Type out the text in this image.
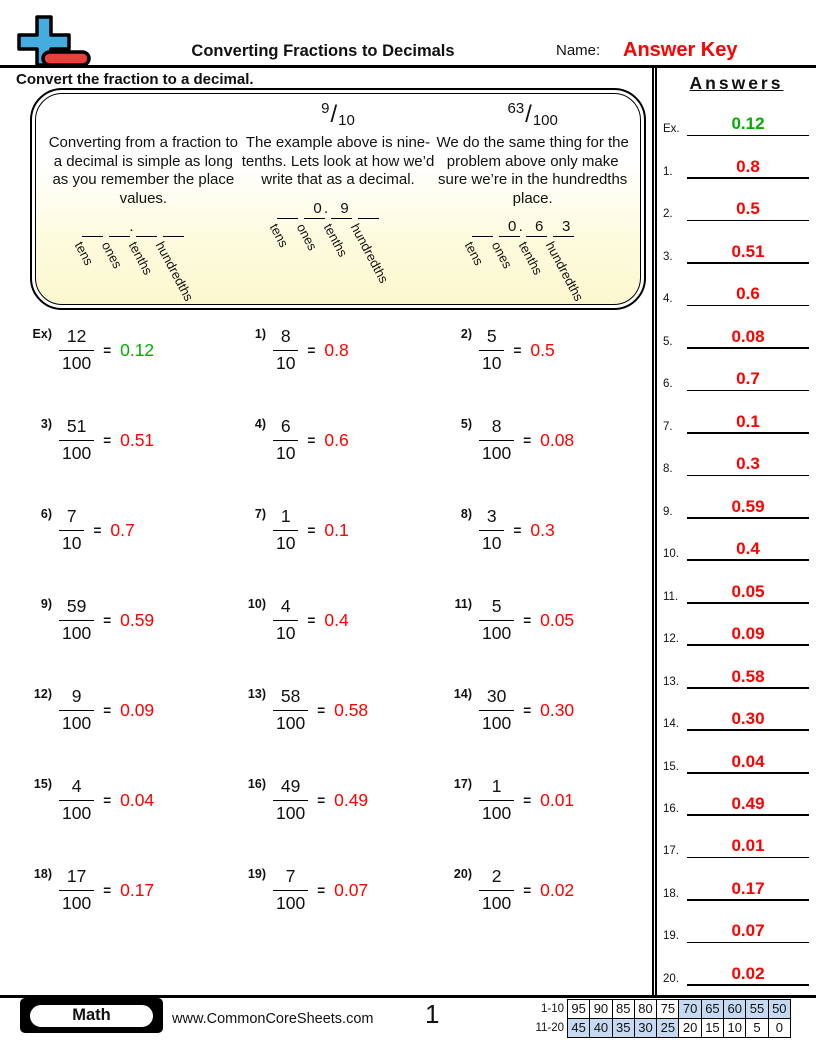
Converting Fractions to Decimals	Name: Answer Key
Convert the fraction to a decimal.

Converting from a fraction to a decimal is simple as long as you remember the place values.

tens ones tenths
hundredths
.
9/10

The example above is nine-tenths. Lets look at how we’d write that as a decimal.

tens
0
ones
9
tenths
hundredths
.
63/100

We do the same thing for the problem above only make sure we’re in the hundredths place.

tens
0
ones
6
tenths
3
hundredths
.
$Ex) \frac{12}{100} = 0.12$
$1) \frac{8}{10} = 0.8$
$2) \frac{5}{10} = 0.5$
$3) \frac{51}{100} = 0.51$
$4) \frac{6}{10} = 0.6$
$5) \frac{8}{100} = 0.08$
$6) \frac{7}{10} = 0.7$
$7) \frac{1}{10} = 0.1$
$8) \frac{3}{10} = 0.3$
$9) \frac{59}{100} = 0.59$
$10) \frac{4}{10} = 0.4$
$11) \frac{5}{100} = 0.05$
$12) \frac{9}{100} = 0.09$
$13) \frac{58}{100} = 0.58$
$14) \frac{30}{100} = 0.30$
$15) \frac{4}{100} = 0.04$
$16) \frac{49}{100} = 0.49$
$17) \frac{1}{100} = 0.01$
$18) \frac{17}{100} = 0.17$
$19) \frac{7}{100} = 0.07$
$20) \frac{2}{100} = 0.02$
Answers
Ex.	0.12
1.	0.8
2.	0.5
3.	0.51
4.	0.6
5.	0.08
6.	0.7
7.	0.1
8.	0.3
9.	0.59
10.	0.4
11.	0.05
12.	0.09
13.	0.58
14.	0.30
15.	0.04
16.	0.49
17.	0.01
18.	0.17
19.	0.07
20.	0.02
Math	www.CommonCoreSheets.com 1	1-10 95 90 85 80 75 70 65 60 55 50
11-20 45 40 35 30 25 20 15 10 5	0
